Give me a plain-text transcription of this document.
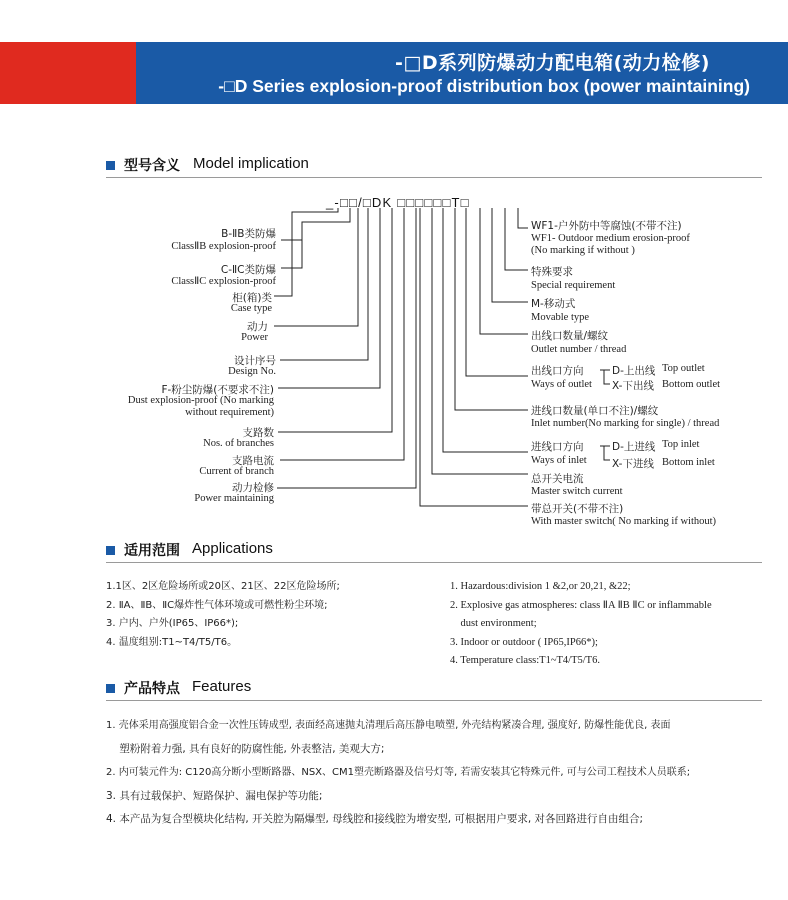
-□D系列防爆动力配电箱(动力检修)
-□D Series explosion-proof distribution box (power maintaining)
型号含义 Model implication
_-□□/□DK □□□□□□T□
B-ⅡB类防爆
ClassⅡB explosion-proof
C-ⅡC类防爆
ClassⅡC explosion-proof
柜(箱)类
Case type
动力
Power
设计序号
Design No.
F-粉尘防爆(不要求不注)
Dust explosion-proof (No marking
without requirement)
支路数
Nos. of branches
支路电流
Current of branch
动力检修
Power maintaining
WF1-户外防中等腐蚀(不带不注)
WF1- Outdoor medium erosion-proof
(No marking if without )
特殊要求
Special requirement
M-移动式
Movable type
出线口数量/螺纹
Outlet number / thread
出线口方向
Ways of outlet
D-上出线 Top outlet
X-下出线 Bottom outlet
进线口数量(单口不注)/螺纹
Inlet number(No marking for single) / thread
进线口方向
Ways of inlet
D-上进线 Top inlet
X-下进线 Bottom inlet
总开关电流
Master switch current
带总开关(不带不注)
With master switch( No marking if without)
适用范围 Applications
1.1区、2区危险场所或20区、21区、22区危险场所;
2. ⅡA、ⅡB、ⅡC爆炸性气体环境或可燃性粉尘环境;
3. 户内、户外(IP65、IP66*);
4. 温度组别:T1~T4/T5/T6。
1. Hazardous:division 1 &2,or 20,21, &22;
2. Explosive gas atmospheres: class ⅡA ⅡB ⅡC or inflammable
dust environment;
3. Indoor or outdoor ( IP65,IP66*);
4. Temperature class:T1~T4/T5/T6.
产品特点 Features
1. 壳体采用高强度铝合金一次性压铸成型, 表面经高速抛丸清理后高压静电喷塑, 外壳结构紧凑合理, 强度好, 防爆性能优良, 表面
塑粉附着力强, 具有良好的防腐性能, 外表整洁, 美观大方;
2. 内可装元件为: C120高分断小型断路器、NSX、CM1塑壳断路器及信号灯等, 若需安装其它特殊元件, 可与公司工程技术人员联系;
3. 具有过载保护、短路保护、漏电保护等功能;
4. 本产品为复合型模块化结构, 开关腔为隔爆型, 母线腔和接线腔为增安型, 可根据用户要求, 对各回路进行自由组合;
